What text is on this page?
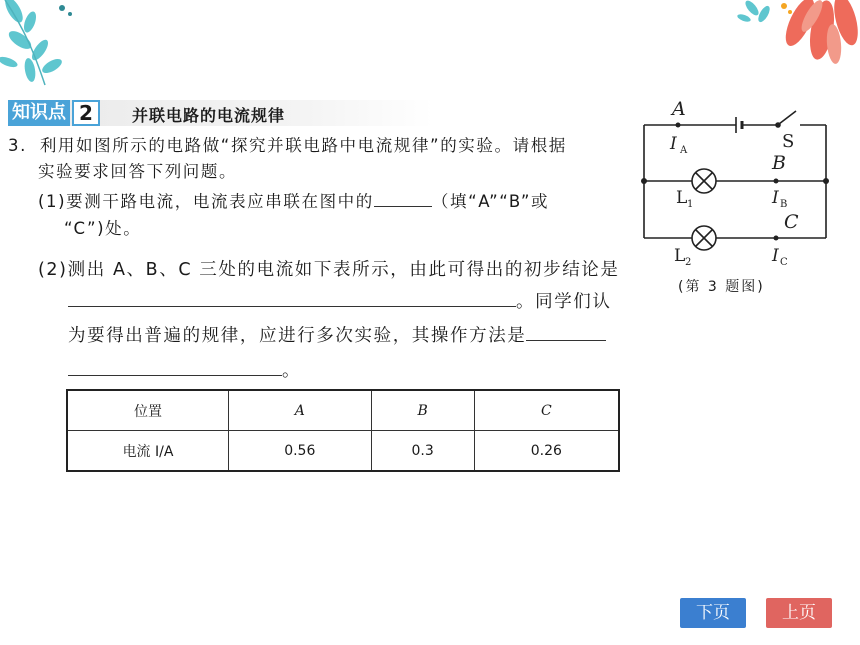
知识点 2	并联电路的电流规律
3. 利用如图所示的电路做“探究并联电路中电流规律”的实验。请根据
实验要求回答下列问题。
(1)要测干路电流，电流表应串联在图中的	（填“A”“B”或
“C”)处。
(2)测出 A、B、C 三处的电流如下表所示，由此可得出的初步结论是
。同学们认
为要得出普遍的规律，应进行多次实验，其操作方法是
。
位置	A	B	C
电流 I/A	0.56	0.3	0.26
A
I A	S
B
I B
L 1
C
I C
L 2
(第 3 题图)
下页	上页
